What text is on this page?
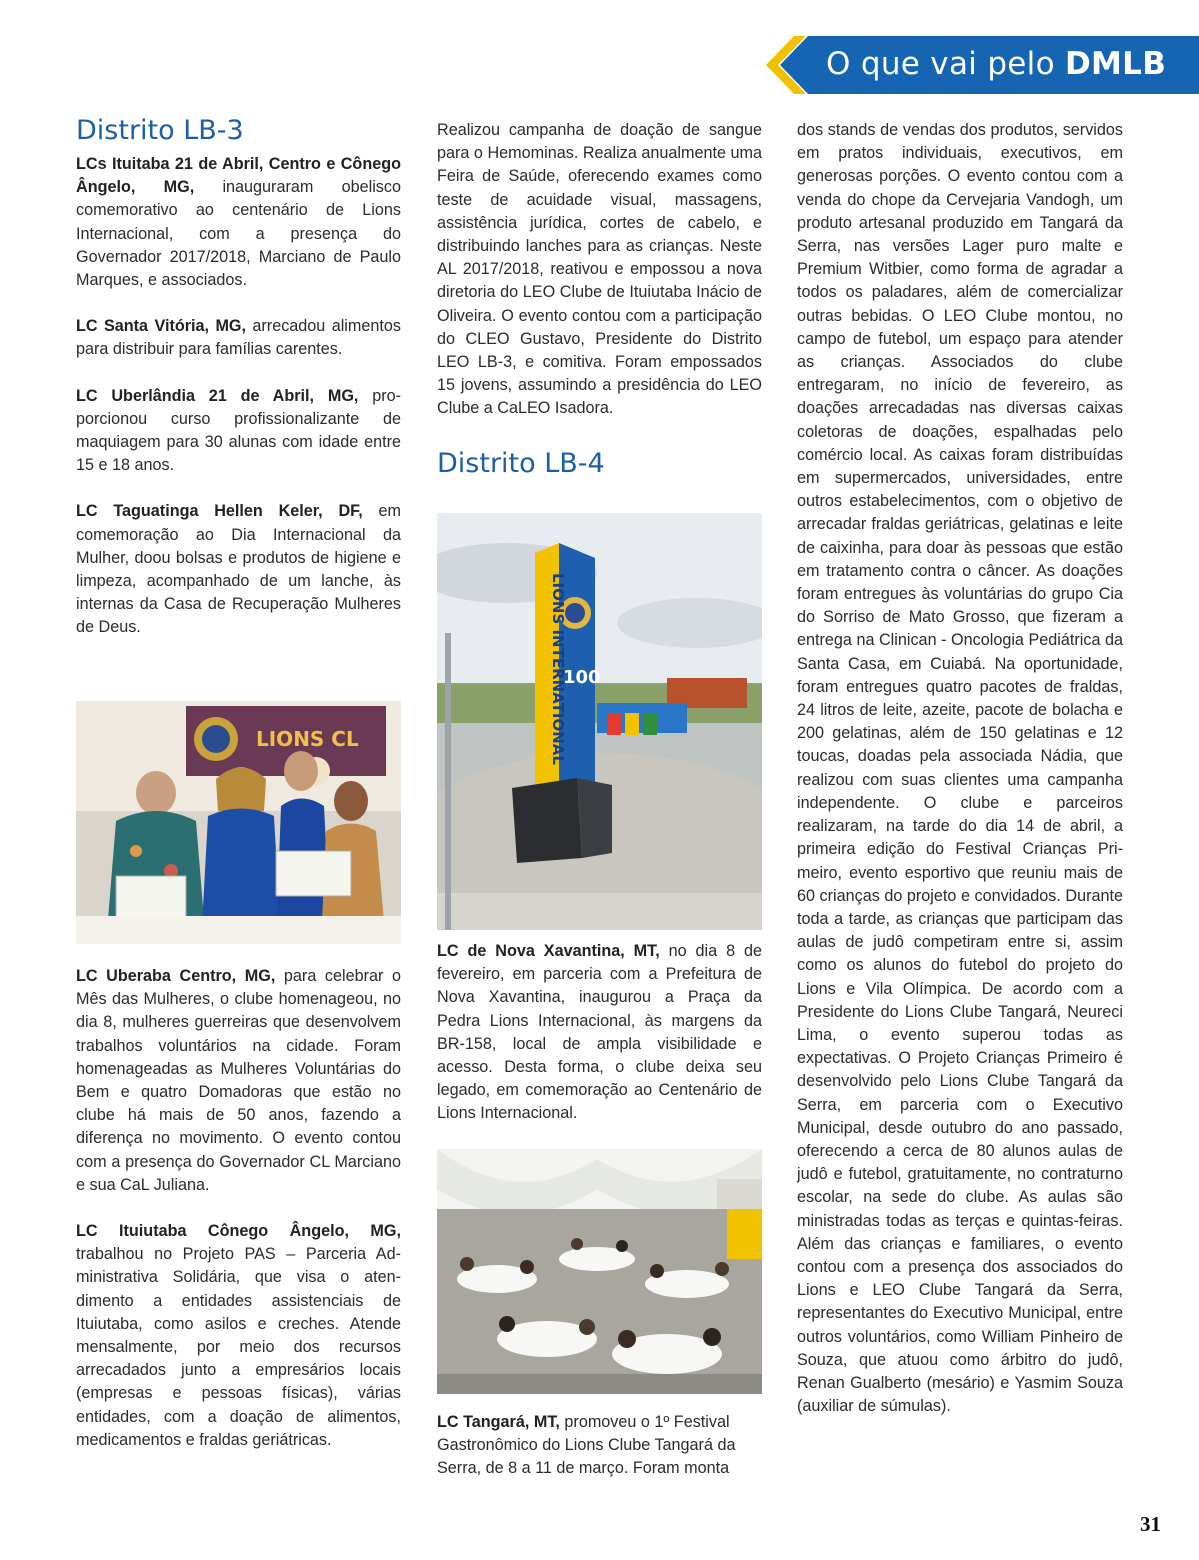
O que vai pelo DMLB
Distrito LB-3

LCs Ituitaba 21 de Abril, Centro e Cônego Ângelo, MG, inauguraram obelisco comemorativo ao centenário de Lions Internacional, com a presença do Governador 2017/2018, Marciano de Paulo Marques, e associados.

LC Santa Vitória, MG, arrecadou alimentos para distribuir para famílias carentes.

LC Uberlândia 21 de Abril, MG, proporcionou curso profissionalizante de maquiagem para 30 alunas com idade entre 15 e 18 anos.

LC Taguatinga Hellen Keler, DF, em comemoração ao Dia Internacional da Mulher, doou bolsas e produtos de higiene e limpeza, acompanhado de um lanche, às internas da Casa de Recuperação Mulheres de Deus.

LIONS CL

LC Uberaba Centro, MG, para celebrar o Mês das Mulheres, o clube homenageou, no dia 8, mulheres guerreiras que desenvolvem trabalhos voluntários na cidade. Foram homenageadas as Mulheres Voluntárias do Bem e quatro Domadoras que estão no clube há mais de 50 anos, fazendo a diferença no movimento. O evento contou com a presença do Governador CL Marciano e sua CaL Juliana.

LC Ituiutaba Cônego Ângelo, MG, trabalhou no Projeto PAS – Parceria Administrativa Solidária, que visa o atendimento a entidades assistenciais de Ituiutaba, como asilos e creches. Atende mensalmente, por meio dos recursos arrecadados junto a empresários locais (empresas e pessoas físicas), várias entidades, com a doação de alimentos, medicamentos e fraldas geriátricas.

Realizou campanha de doação de sangue para o Hemominas. Realiza anualmente uma Feira de Saúde, oferecendo exames como teste de acuidade visual, massagens, assistência jurídica, cortes de cabelo, e distribuindo lanches para as crianças. Neste AL 2017/2018, reativou e empossou a nova diretoria do LEO Clube de Ituiutaba Inácio de Oliveira. O evento contou com a participação do CLEO Gustavo, Presidente do Distrito LEO LB-3, e comitiva. Foram empossados 15 jovens, assumindo a presidência do LEO Clube a CaLEO Isadora.

Distrito LB-4
LIONS INTERNATIONAL
100

LC de Nova Xavantina, MT, no dia 8 de fevereiro, em parceria com a Prefeitura de Nova Xavantina, inaugurou a Praça da Pedra Lions Internacional, às margens da BR-158, local de ampla visibilidade e acesso. Desta forma, o clube deixa seu legado, em comemoração ao Centenário de Lions Internacional.

LC Tangará, MT, promoveu o 1º Festival Gastronômico do Lions Clube Tangará da Serra, de 8 a 11 de março. Foram monta

dos stands de vendas dos produtos, servidos em pratos individuais, executivos, em generosas porções. O evento contou com a venda do chope da Cervejaria Vandogh, um produto artesanal produzido em Tangará da Serra, nas versões Lager puro malte e Premium Witbier, como forma de agradar a todos os paladares, além de comercializar outras bebidas. O LEO Clube montou, no campo de futebol, um espaço para atender as crianças. Associados do clube entregaram, no início de fevereiro, as doações arrecadadas nas diversas caixas coletoras de doações, espalhadas pelo comércio local. As caixas foram distribuídas em supermercados, universidades, entre outros estabelecimentos, com o objetivo de arrecadar fraldas geriátricas, gelatinas e leite de caixinha, para doar às pessoas que estão em tratamento contra o câncer. As doações foram entregues às voluntárias do grupo Cia do Sorriso de Mato Grosso, que fizeram a entrega na Clinican - Oncologia Pediátrica da Santa Casa, em Cuiabá. Na oportunidade, foram entregues quatro pacotes de fraldas, 24 litros de leite, azeite, pacote de bolacha e 200 gelatinas, além de 150 gelatinas e 12 toucas, doadas pela associada Nádia, que realizou com suas clientes uma campanha independente. O clube e parceiros realizaram, na tarde do dia 14 de abril, a primeira edição do Festival Crianças Primeiro, evento esportivo que reuniu mais de 60 crianças do projeto e convidados. Durante toda a tarde, as crianças que participam das aulas de judô competiram entre si, assim como os alunos do futebol do projeto do Lions e Vila Olímpica. De acordo com a Presidente do Lions Clube Tangará, Neureci Lima, o evento superou todas as expectativas. O Projeto Crianças Primeiro é desenvolvido pelo Lions Clube Tangará da Serra, em parceria com o Executivo Municipal, desde outubro do ano passado, oferecendo a cerca de 80 alunos aulas de judô e futebol, gratuitamente, no contraturno escolar, na sede do clube. As aulas são ministradas todas as terças e quintas-feiras. Além das crianças e familiares, o evento contou com a presença dos associados do Lions e LEO Clube Tangará da Serra, representantes do Executivo Municipal, entre outros voluntários, como William Pinheiro de Souza, que atuou como árbitro do judô, Renan Gualberto (mesário) e Yasmim Souza (auxiliar de súmulas).

31
